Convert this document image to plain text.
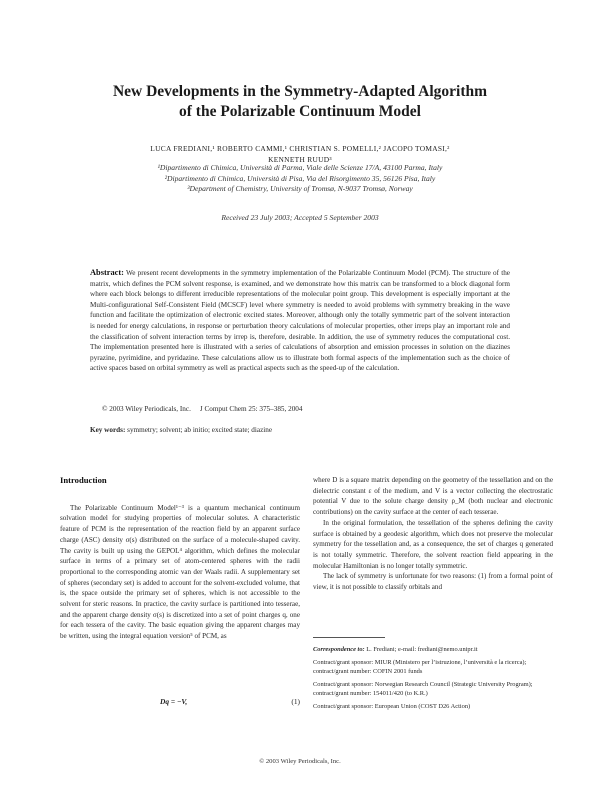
New Developments in the Symmetry-Adapted Algorithm
of the Polarizable Continuum Model
LUCA FREDIANI,¹ ROBERTO CAMMI,¹ CHRISTIAN S. POMELLI,² JACOPO TOMASI,²
KENNETH RUUD³
¹Dipartimento di Chimica, Università di Parma, Viale delle Scienze 17/A, 43100 Parma, Italy
²Dipartimento di Chimica, Università di Pisa, Via del Risorgimento 35, 56126 Pisa, Italy
³Department of Chemistry, University of Tromsø, N-9037 Tromsø, Norway
Received 23 July 2003; Accepted 5 September 2003
Abstract: We present recent developments in the symmetry implementation of the Polarizable Continuum Model (PCM). The structure of the matrix, which defines the PCM solvent response, is examined, and we demonstrate how this matrix can be transformed to a block diagonal form where each block belongs to different irreducible representations of the molecular point group. This development is especially important at the Multi-configurational Self-Consistent Field (MCSCF) level where symmetry is needed to avoid problems with symmetry breaking in the wave function and facilitate the optimization of electronic excited states. Moreover, although only the totally symmetric part of the solvent interaction is needed for energy calculations, in response or perturbation theory calculations of molecular properties, other irreps play an important role and the classification of solvent interaction terms by irrep is, therefore, desirable. In addition, the use of symmetry reduces the computational cost. The implementation presented here is illustrated with a series of calculations of absorption and emission processes in solution on the diazines pyrazine, pyrimidine, and pyridazine. These calculations allow us to illustrate both formal aspects of the implementation such as the choice of active spaces based on orbital symmetry as well as practical aspects such as the speed-up of the calculation.
© 2003 Wiley Periodicals, Inc.     J Comput Chem 25: 375–385, 2004
Key words: symmetry; solvent; ab initio; excited state; diazine
Introduction

The Polarizable Continuum Model¹⁻³ is a quantum mechanical continuum solvation model for studying properties of molecular solutes. A characteristic feature of PCM is the representation of the reaction field by an apparent surface charge (ASC) density σ(s) distributed on the surface of a molecule-shaped cavity. The cavity is built up using the GEPOL⁴ algorithm, which defines the molecular surface in terms of a primary set of atom-centered spheres with the radii proportional to the corresponding atomic van der Waals radii. A supplementary set of spheres (secondary set) is added to account for the solvent-excluded volume, that is, the space outside the primary set of spheres, which is not accessible to the solvent for steric reasons. In practice, the cavity surface is partitioned into tesserae, and the apparent charge density σ(s) is discretized into a set of point charges q, one for each tessera of the cavity. The basic equation giving the apparent charges may be written, using the integral equation version⁵ of PCM, as

Dq = −V,	(1)

where D is a square matrix depending on the geometry of the tessellation and on the dielectric constant ε of the medium, and V is a vector collecting the electrostatic potential V due to the solute charge density ρ_M (both nuclear and electronic contributions) on the cavity surface at the center of each tesserae.

In the original formulation, the tessellation of the spheres defining the cavity surface is obtained by a geodesic algorithm, which does not preserve the molecular symmetry for the tessellation and, as a consequence, the set of charges q generated is not totally symmetric. Therefore, the solvent reaction field appearing in the molecular Hamiltonian is no longer totally symmetric.

The lack of symmetry is unfortunate for two reasons: (1) from a formal point of view, it is not possible to classify orbitals and

Correspondence to: L. Frediani; e-mail: frediani@nemo.unipr.it

Contract/grant sponsor: MIUR (Ministero per l’istruzione, l’università e la ricerca); contract/grant number: COFIN 2001 funds

Contract/grant sponsor: Norwegian Research Council (Strategic University Program); contract/grant number: 154011/420 (to K.R.)

Contract/grant sponsor: European Union (COST D26 Action)

© 2003 Wiley Periodicals, Inc.
